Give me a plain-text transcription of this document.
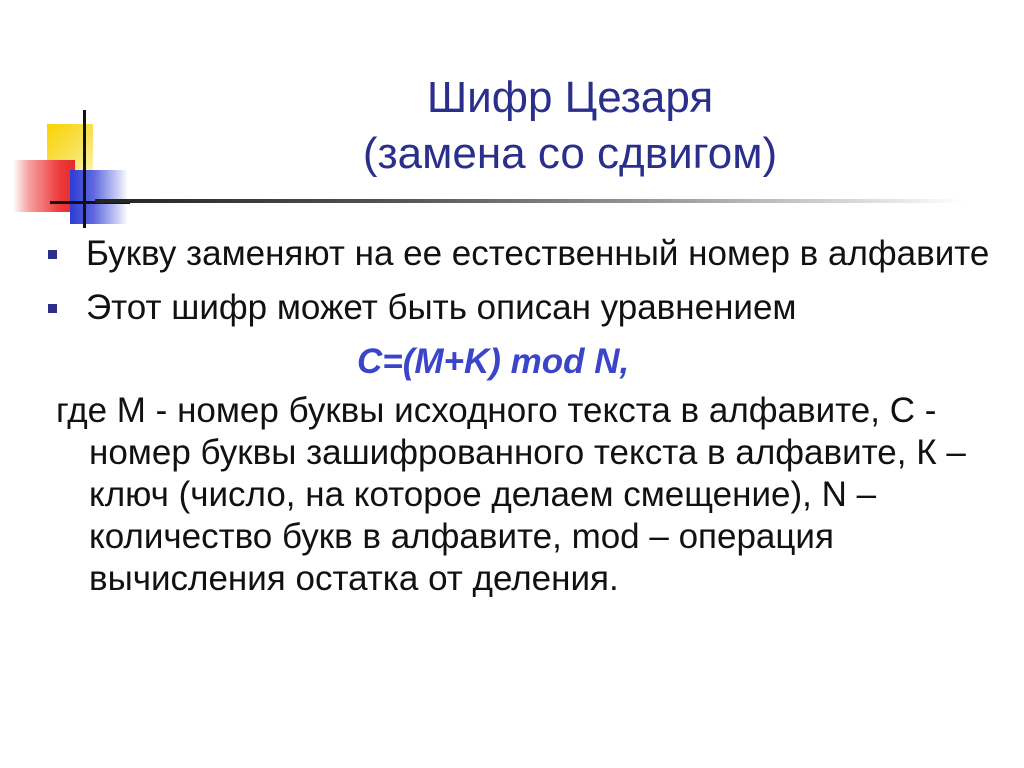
Шифр Цезаря
(замена со сдвигом)
Букву заменяют на ее естественный номер в алфавите
Этот шифр может быть описан уравнением
C=(M+K) mod N,
где М - номер буквы исходного текста в алфавите, С - номер буквы зашифрованного текста в алфавите, К – ключ (число, на которое делаем смещение), N – количество букв в алфавите, mod – операция вычисления остатка от деления.
